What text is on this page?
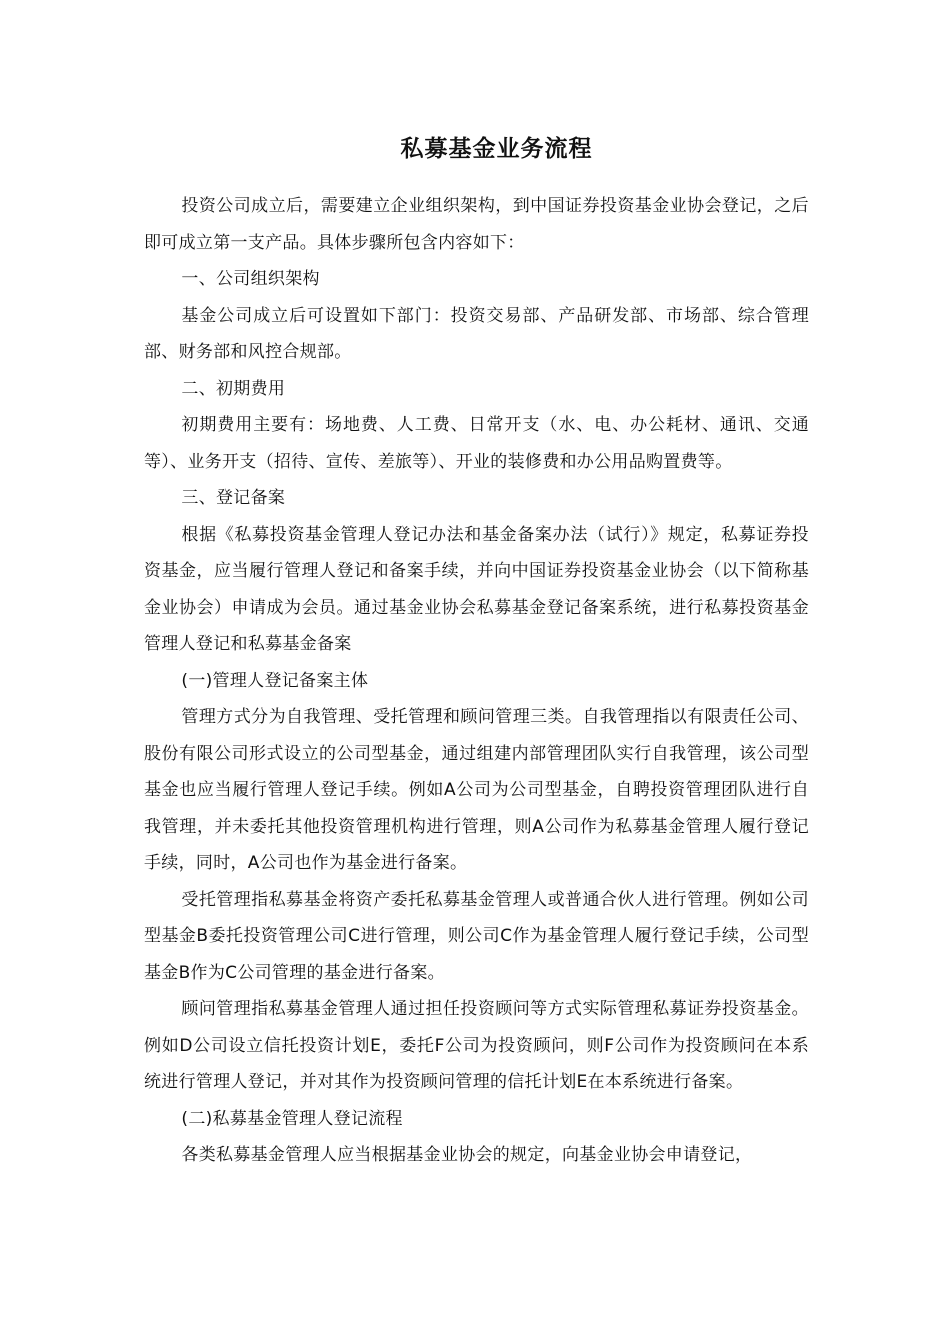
私募基金业务流程

投资公司成立后，需要建立企业组织架构，到中国证券投资基金业协会登记，之后即可成立第一支产品。具体步骤所包含内容如下：

一、公司组织架构

基金公司成立后可设置如下部门：投资交易部、产品研发部、市场部、综合管理部、财务部和风控合规部。

二、初期费用

初期费用主要有：场地费、人工费、日常开支（水、电、办公耗材、通讯、交通等）、业务开支（招待、宣传、差旅等）、开业的装修费和办公用品购置费等。

三、登记备案

根据《私募投资基金管理人登记办法和基金备案办法（试行）》规定，私募证券投资基金，应当履行管理人登记和备案手续，并向中国证券投资基金业协会（以下简称基金业协会）申请成为会员。通过基金业协会私募基金登记备案系统，进行私募投资基金管理人登记和私募基金备案

(一)管理人登记备案主体

管理方式分为自我管理、受托管理和顾问管理三类。自我管理指以有限责任公司、股份有限公司形式设立的公司型基金，通过组建内部管理团队实行自我管理，该公司型基金也应当履行管理人登记手续。例如A公司为公司型基金，自聘投资管理团队进行自我管理，并未委托其他投资管理机构进行管理，则A公司作为私募基金管理人履行登记手续，同时，A公司也作为基金进行备案。

受托管理指私募基金将资产委托私募基金管理人或普通合伙人进行管理。例如公司型基金B委托投资管理公司C进行管理，则公司C作为基金管理人履行登记手续，公司型基金B作为C公司管理的基金进行备案。

顾问管理指私募基金管理人通过担任投资顾问等方式实际管理私募证券投资基金。例如D公司设立信托投资计划E，委托F公司为投资顾问，则F公司作为投资顾问在本系统进行管理人登记，并对其作为投资顾问管理的信托计划E在本系统进行备案。

(二)私募基金管理人登记流程

各类私募基金管理人应当根据基金业协会的规定，向基金业协会申请登记，
